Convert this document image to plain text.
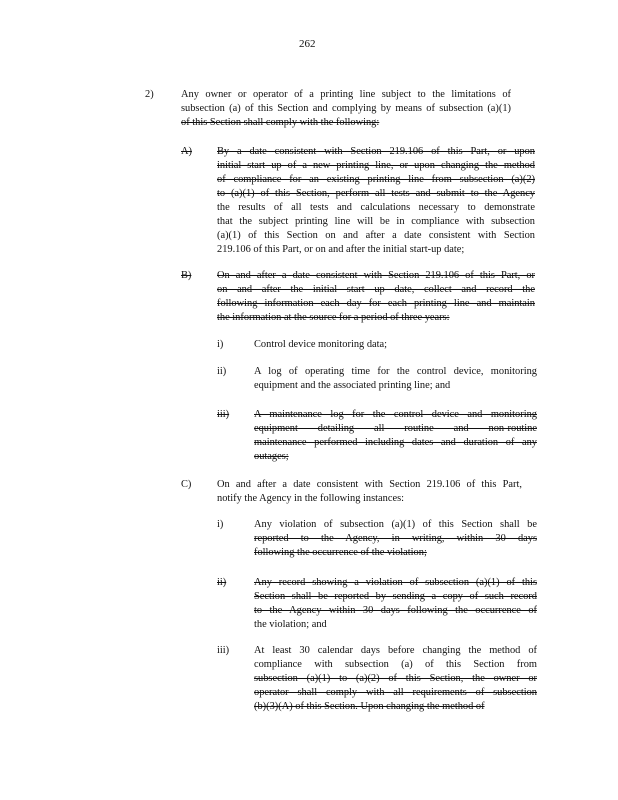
262
2)	Any owner or operator of a printing line subject to the limitations of
subsection (a) of this Section and complying by means of subsection (a)(1)
of this Section shall comply with the following:
A) By a date consistent with Section 219.106 of this Part, or upon
initial start up of a new printing line, or upon changing the method
of compliance for an existing printing line from subsection (a)(2)
to (a)(1) of this Section, perform all tests and submit to the Agency
the results of all tests and calculations necessary to demonstrate
that the subject printing line will be in compliance with subsection
(a)(1) of this Section on and after a date consistent with Section
219.106 of this Part, or on and after the initial start-up date;
B) On and after a date consistent with Section 219.106 of this Part, or
on and after the initial start up date, collect and record the
following information each day for each printing line and maintain
the information at the source for a period of three years:
i)	Control device monitoring data;
ii)	A log of operating time for the control device, monitoring
equipment and the associated printing line; and
iii) A maintenance log for the control device and monitoring
equipment detailing all routine and non-routine
maintenance performed including dates and duration of any
outages;
C) On and after a date consistent with Section 219.106 of this Part,
notify the Agency in the following instances:
i)	Any violation of subsection (a)(1) of this Section shall be
reported to the Agency, in writing, within 30 days
following the occurrence of the violation;
ii)	Any record showing a violation of subsection (a)(1) of this
Section shall be reported by sending a copy of such record
to the Agency within 30 days following the occurrence of
the violation; and
iii) At least 30 calendar days before changing the method of
compliance with subsection (a) of this Section from
subsection (a)(1) to (a)(2) of this Section, the owner or
operator shall comply with all requirements of subsection
(b)(3)(A) of this Section. Upon changing the method of
